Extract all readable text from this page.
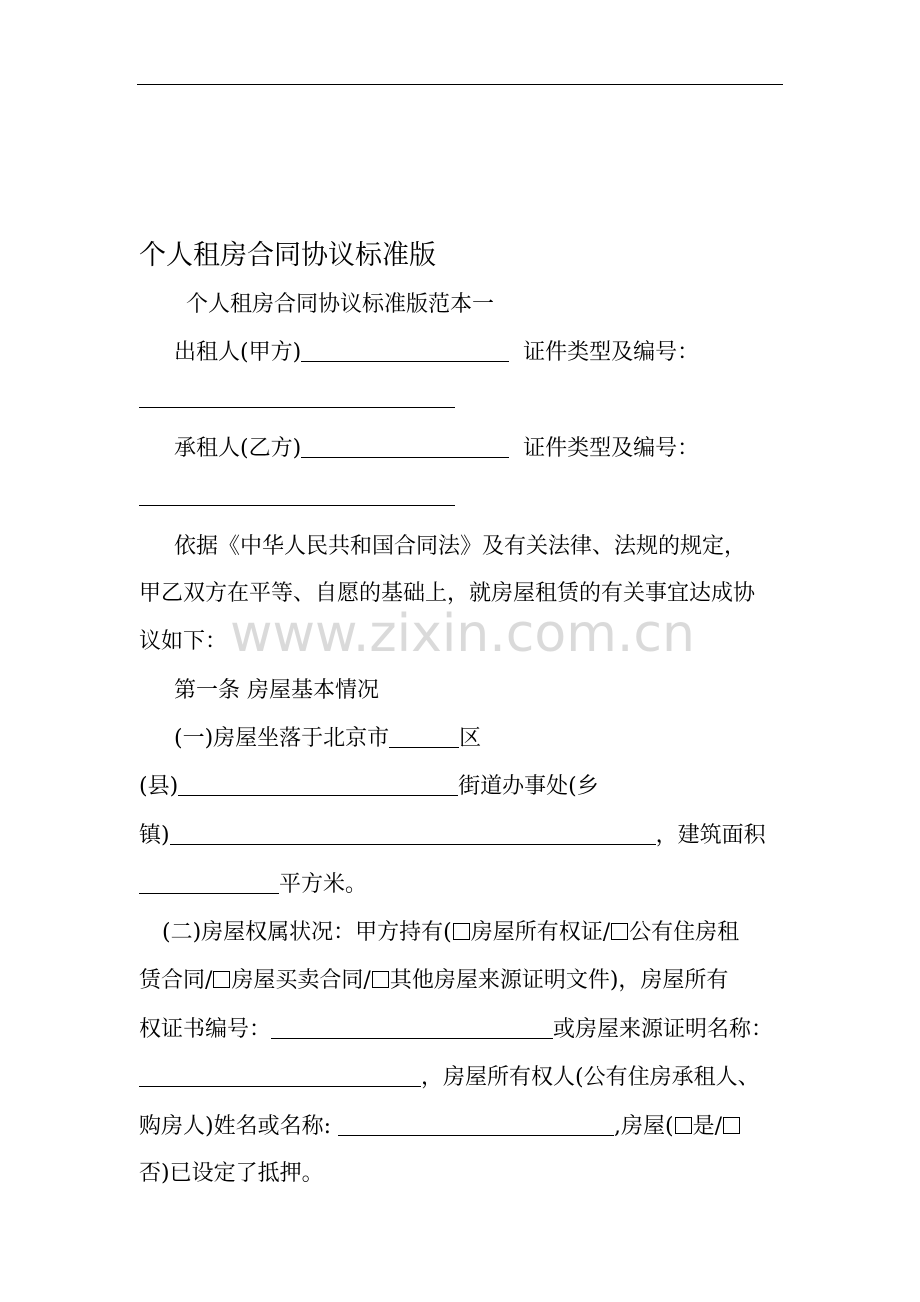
个人租房合同协议标准版
个人租房合同协议标准版范本一
出租人(甲方)	证件类型及编号：
承租人(乙方)	证件类型及编号：
依据《中华人民共和国合同法》及有关法律、法规的规定，
甲乙双方在平等、自愿的基础上，就房屋租赁的有关事宜达成协
议如下： www.zixin.com.cn
第一条 房屋基本情况
(一)房屋坐落于北京市	区
(县)	街道办事处(乡
镇)	，建筑面积
平方米。
(二)房屋权属状况：甲方持有( 房屋所有权证/ 公有住房租
赁合同/ 房屋买卖合同/ 其他房屋来源证明文件)，房屋所有
权证书编号：	或房屋来源证明名称：
，房屋所有权人(公有住房承租人、
购房人)姓名或名称:	,房屋( 是/
否)已设定了抵押。
